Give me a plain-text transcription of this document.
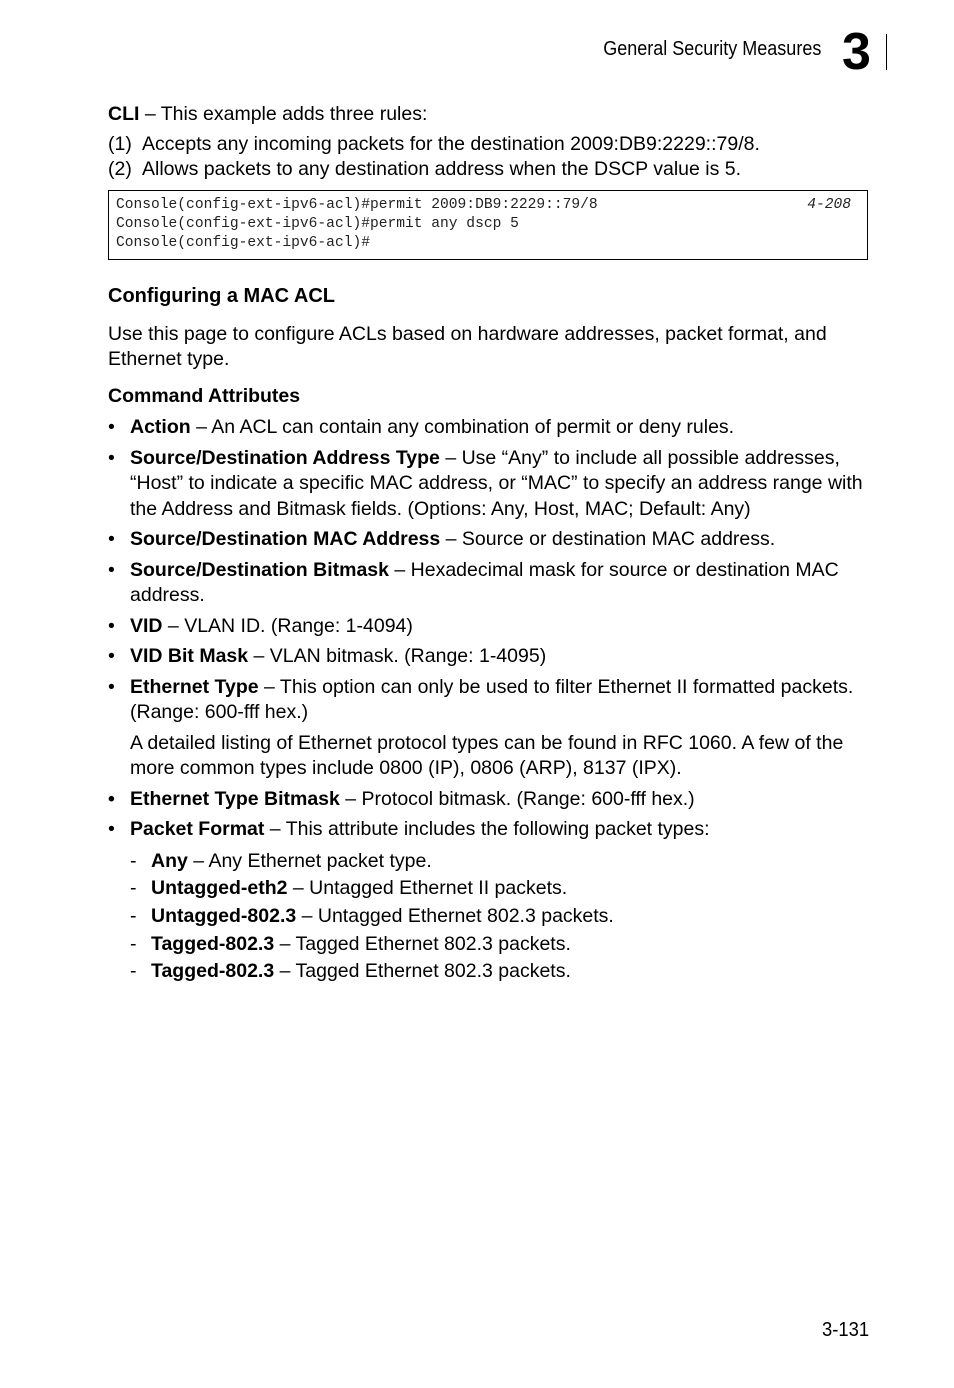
General Security Measures 3

CLI – This example adds three rules:

(1) Accepts any incoming packets for the destination 2009:DB9:2229::79/8.
(2) Allows packets to any destination address when the DSCP value is 5.
Console(config-ext-ipv6-acl)#permit 2009:DB9:2229::79/8	4-208
Console(config-ext-ipv6-acl)#permit any dscp 5
Console(config-ext-ipv6-acl)#
Configuring a MAC ACL

Use this page to configure ACLs based on hardware addresses, packet format, and Ethernet type.

Command Attributes
• Action – An ACL can contain any combination of permit or deny rules.
• Source/Destination Address Type – Use “Any” to include all possible addresses, “Host” to indicate a specific MAC address, or “MAC” to specify an address range with the Address and Bitmask fields. (Options: Any, Host, MAC; Default: Any)
• Source/Destination MAC Address – Source or destination MAC address.
• Source/Destination Bitmask – Hexadecimal mask for source or destination MAC address.
• VID – VLAN ID. (Range: 1-4094)
• VID Bit Mask – VLAN bitmask. (Range: 1-4095)
• Ethernet Type – This option can only be used to filter Ethernet II formatted packets. (Range: 600-fff hex.)

A detailed listing of Ethernet protocol types can be found in RFC 1060. A few of the more common types include 0800 (IP), 0806 (ARP), 8137 (IPX).

• Ethernet Type Bitmask – Protocol bitmask. (Range: 600-fff hex.)
• Packet Format – This attribute includes the following packet types:
- Any – Any Ethernet packet type.
- Untagged-eth2 – Untagged Ethernet II packets.
- Untagged-802.3 – Untagged Ethernet 802.3 packets.
- Tagged-802.3 – Tagged Ethernet 802.3 packets.
- Tagged-802.3 – Tagged Ethernet 802.3 packets.
3-131
